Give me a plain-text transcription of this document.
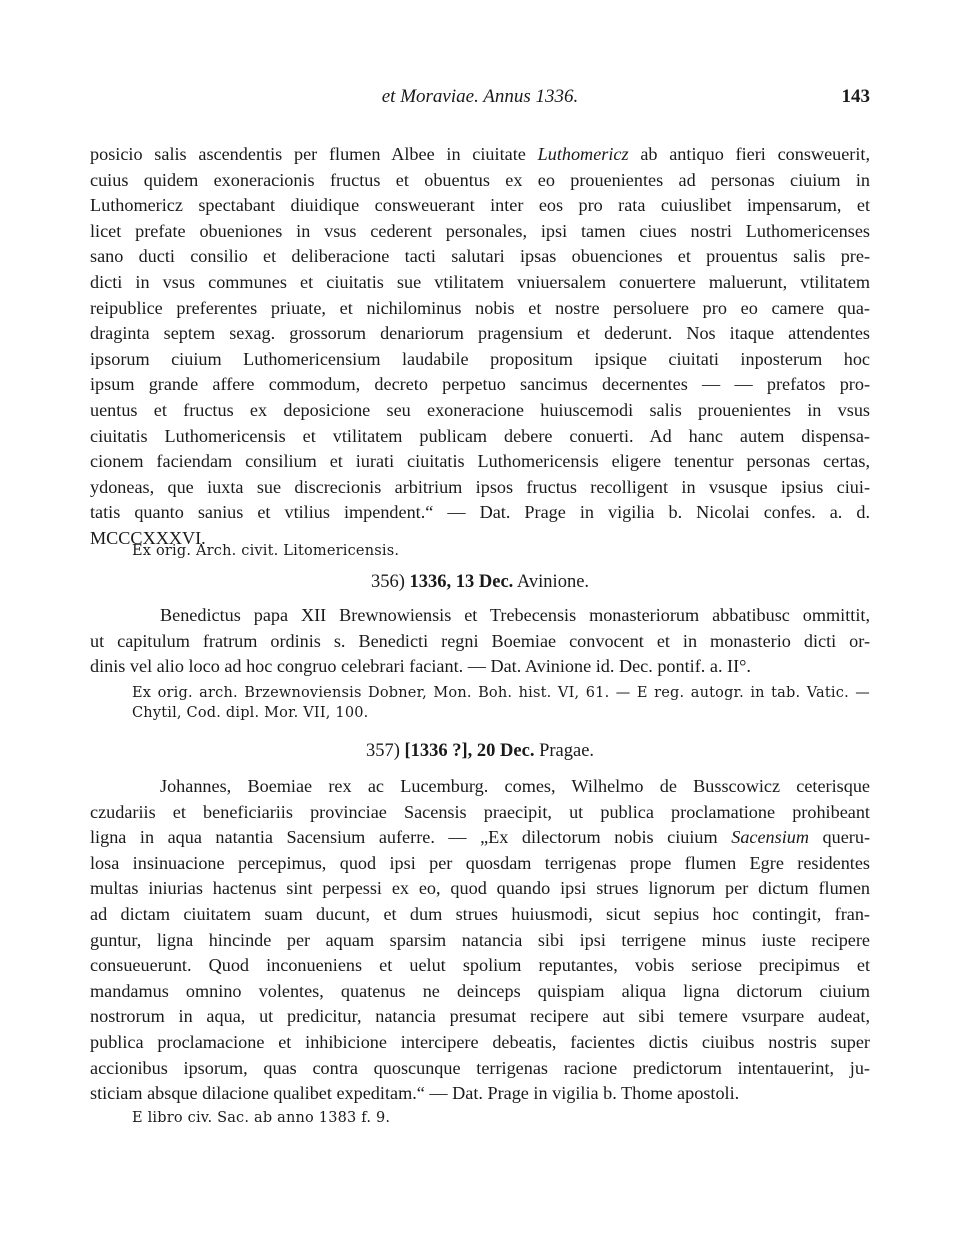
et Moraviae. Annus 1336.	143
posicio salis ascendentis per flumen Albee in ciuitate Luthomericz ab antiquo fieri consweuerit,
cuius quidem exoneracionis fructus et obuentus ex eo prouenientes ad personas ciuium in
Luthomericz spectabant diuidique consweuerant inter eos pro rata cuiuslibet impensarum, et
licet prefate obueniones in vsus cederent personales, ipsi tamen ciues nostri Luthomericenses
sano ducti consilio et deliberacione tacti salutari ipsas obuenciones et prouentus salis pre-
dicti in vsus communes et ciuitatis sue vtilitatem vniuersalem conuertere maluerunt, vtilitatem
reipublice preferentes priuate, et nichilominus nobis et nostre persoluere pro eo camere qua-
draginta septem sexag. grossorum denariorum pragensium et dederunt. Nos itaque attendentes
ipsorum ciuium Luthomericensium laudabile propositum ipsique ciuitati inposterum hoc
ipsum grande affere commodum, decreto perpetuo sancimus decernentes — — prefatos pro-
uentus et fructus ex deposicione seu exoneracione huiuscemodi salis prouenientes in vsus
ciuitatis Luthomericensis et vtilitatem publicam debere conuerti. Ad hanc autem dispensa-
cionem faciendam consilium et iurati ciuitatis Luthomericensis eligere tenentur personas certas,
ydoneas, que iuxta sue discrecionis arbitrium ipsos fructus recolligent in vsusque ipsius ciui-
tatis quanto sanius et vtilius impendent.“ — Dat. Prage in vigilia b. Nicolai confes. a. d.
MCCCXXXVI.
Ex orig. Arch. civit. Litomericensis.
356) 1336, 13 Dec. Avinione.
Benedictus papa XII Brewnowiensis et Trebecensis monasteriorum abbatibusc ommittit,
ut capitulum fratrum ordinis s. Benedicti regni Boemiae convocent et in monasterio dicti or-
dinis vel alio loco ad hoc congruo celebrari faciant. — Dat. Avinione id. Dec. pontif. a. II°.
Ex orig. arch. Brzewnoviensis Dobner, Mon. Boh. hist. VI, 61. — E reg. autogr. in tab. Vatic. —
Chytil, Cod. dipl. Mor. VII, 100.
357) [1336 ?], 20 Dec. Pragae.
Johannes, Boemiae rex ac Lucemburg. comes, Wilhelmo de Busscowicz ceterisque
czudariis et beneficiariis provinciae Sacensis praecipit, ut publica proclamatione prohibeant
ligna in aqua natantia Sacensium auferre. — „Ex dilectorum nobis ciuium Sacensium queru-
losa insinuacione percepimus, quod ipsi per quosdam terrigenas prope flumen Egre residentes
multas iniurias hactenus sint perpessi ex eo, quod quando ipsi strues lignorum per dictum flumen
ad dictam ciuitatem suam ducunt, et dum strues huiusmodi, sicut sepius hoc contingit, fran-
guntur, ligna hincinde per aquam sparsim natancia sibi ipsi terrigene minus iuste recipere
consueuerunt. Quod inconueniens et uelut spolium reputantes, vobis seriose precipimus et
mandamus omnino volentes, quatenus ne deinceps quispiam aliqua ligna dictorum ciuium
nostrorum in aqua, ut predicitur, natancia presumat recipere aut sibi temere vsurpare audeat,
publica proclamacione et inhibicione intercipere debeatis, facientes dictis ciuibus nostris super
accionibus ipsorum, quas contra quoscunque terrigenas racione predictorum intentauerint, ju-
sticiam absque dilacione qualibet expeditam.“ — Dat. Prage in vigilia b. Thome apostoli.
E libro civ. Sac. ab anno 1383 f. 9.
